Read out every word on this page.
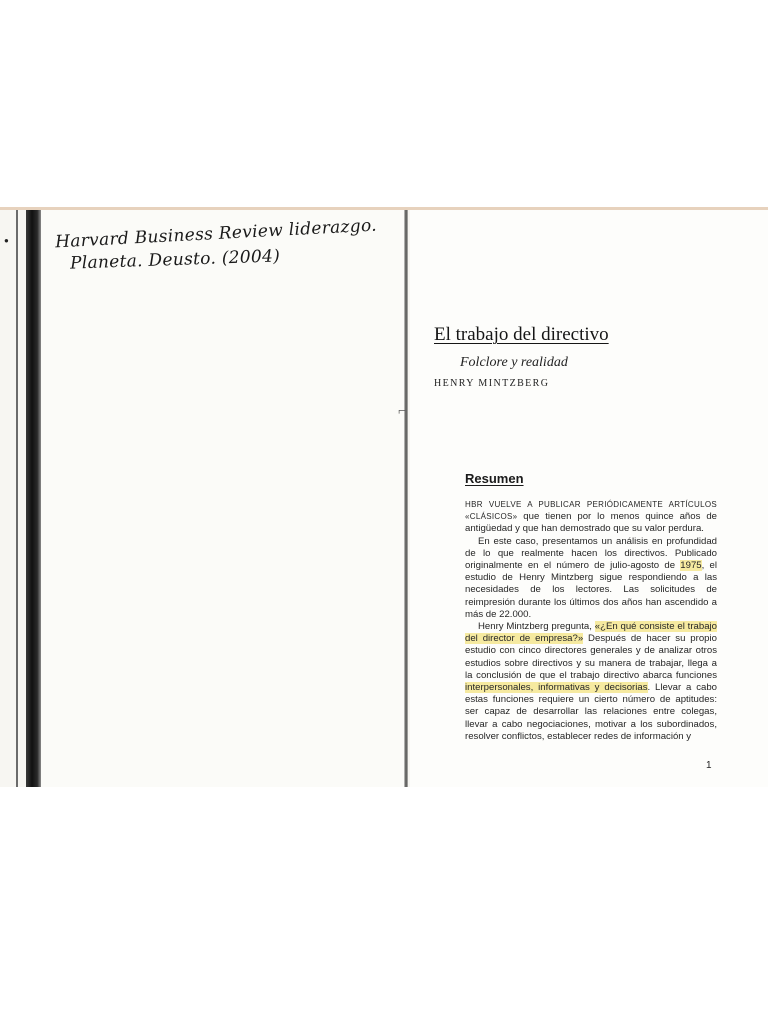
●
⌐
Harvard Business Review liderazgo.
Planeta. Deusto. (2004)
El trabajo del directivo
Folclore y realidad
HENRY MINTZBERG
Resumen

HBR VUELVE A PUBLICAR PERIÓDICAMENTE ARTÍCULOS «CLÁSICOS» que tienen por lo menos quince años de antigüedad y que han demostrado que su valor perdura.

En este caso, presentamos un análisis en profundidad de lo que realmente hacen los directivos. Publicado originalmente en el número de julio-agosto de 1975, el estudio de Henry Mintzberg sigue respondiendo a las necesidades de los lectores. Las solicitudes de reimpresión durante los últimos dos años han ascendido a más de 22.000.

Henry Mintzberg pregunta, «¿En qué consiste el trabajo del director de empresa?» Después de hacer su propio estudio con cinco directores generales y de analizar otros estudios sobre directivos y su manera de trabajar, llega a la conclusión de que el trabajo directivo abarca funciones interpersonales, informativas y decisorias. Llevar a cabo estas funciones requiere un cierto número de aptitudes: ser capaz de desarrollar las relaciones entre colegas, llevar a cabo negociaciones, motivar a los subordinados, resolver conflictos, establecer redes de información y

1
